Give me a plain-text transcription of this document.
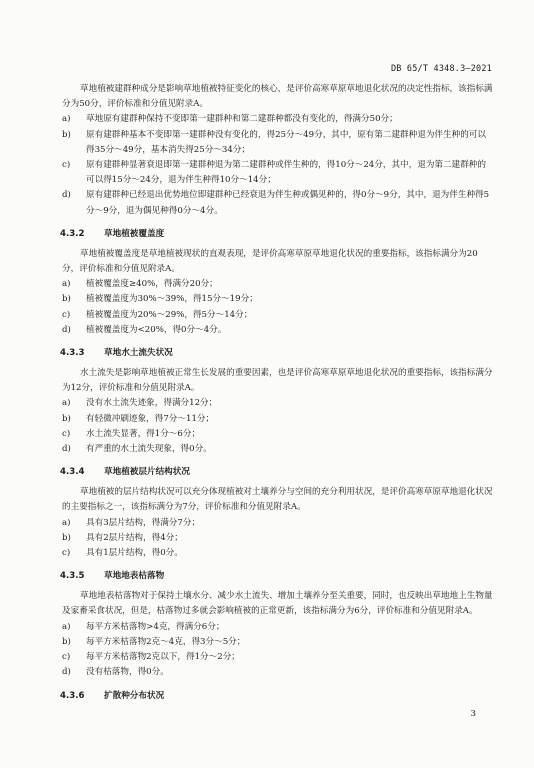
DB 65/T 4348.3—2021

草地植被建群种成分是影响草地植被特征变化的核心，是评价高寒草原草地退化状况的决定性指标，该指标满分为50分，评价标准和分值见附录A。

a)	草地原有建群种保持不变即第一建群种和第二建群种都没有变化的，得满分50分；

b)	原有建群种基本不变即第一建群种没有变化的，得25分～49分，其中，原有第二建群种退为伴生种的可以得35分～49分，基本消失得25分～34分；

c)	原有建群种显著衰退即第一建群种退为第二建群种或伴生种的，得10分～24分，其中，退为第二建群种的可以得15分～24分，退为伴生种得10分～14分；

d)	原有建群种已经退出优势地位即建群种已经衰退为伴生种或偶见种的，得0分～9分，其中，退为伴生种得5分～9分，退为偶见种得0分～4分。

4.3.2 草地植被覆盖度

草地植被覆盖度是草地植被现状的直观表现，是评价高寒草原草地退化状况的重要指标，该指标满分为20分，评价标准和分值见附录A。

a)	植被覆盖度≥40%，得满分20分；

b)	植被覆盖度为30%～39%，得15分～19分；

c)	植被覆盖度为20%～29%，得5分～14分；

d)	植被覆盖度为<20%，得0分～4分。

4.3.3 草地水土流失状况

水土流失是影响草地植被正常生长发展的重要因素，也是评价高寒草原草地退化状况的重要指标，该指标满分为12分，评价标准和分值见附录A。

a)	没有水土流失迹象，得满分12分；

b)	有轻微冲刷迹象，得7分～11分；

c)	水土流失显著，得1分～6分；

d)	有严重的水土流失现象，得0分。

4.3.4 草地植被层片结构状况

草地植被的层片结构状况可以充分体现植被对土壤养分与空间的充分利用状况，是评价高寒草原草地退化状况的主要指标之一，该指标满分为7分，评价标准和分值见附录A。

a)	具有3层片结构，得满分7分；

b)	具有2层片结构，得4分；

c)	具有1层片结构，得0分。

4.3.5 草地地表枯落物

草地地表枯落物对于保持土壤水分、减少水土流失、增加土壤养分至关重要，同时，也反映出草地地上生物量及家畜采食状况，但是，枯落物过多就会影响植被的正常更新，该指标满分为6分，评价标准和分值见附录A。

a)	每平方米枯落物>4克，得满分6分；

b)	每平方米枯落物2克～4克，得3分～5分；

c)	每平方米枯落物2克以下，得1分～2分；

d)	没有枯落物，得0分。

4.3.6 扩散种分布状况
3
